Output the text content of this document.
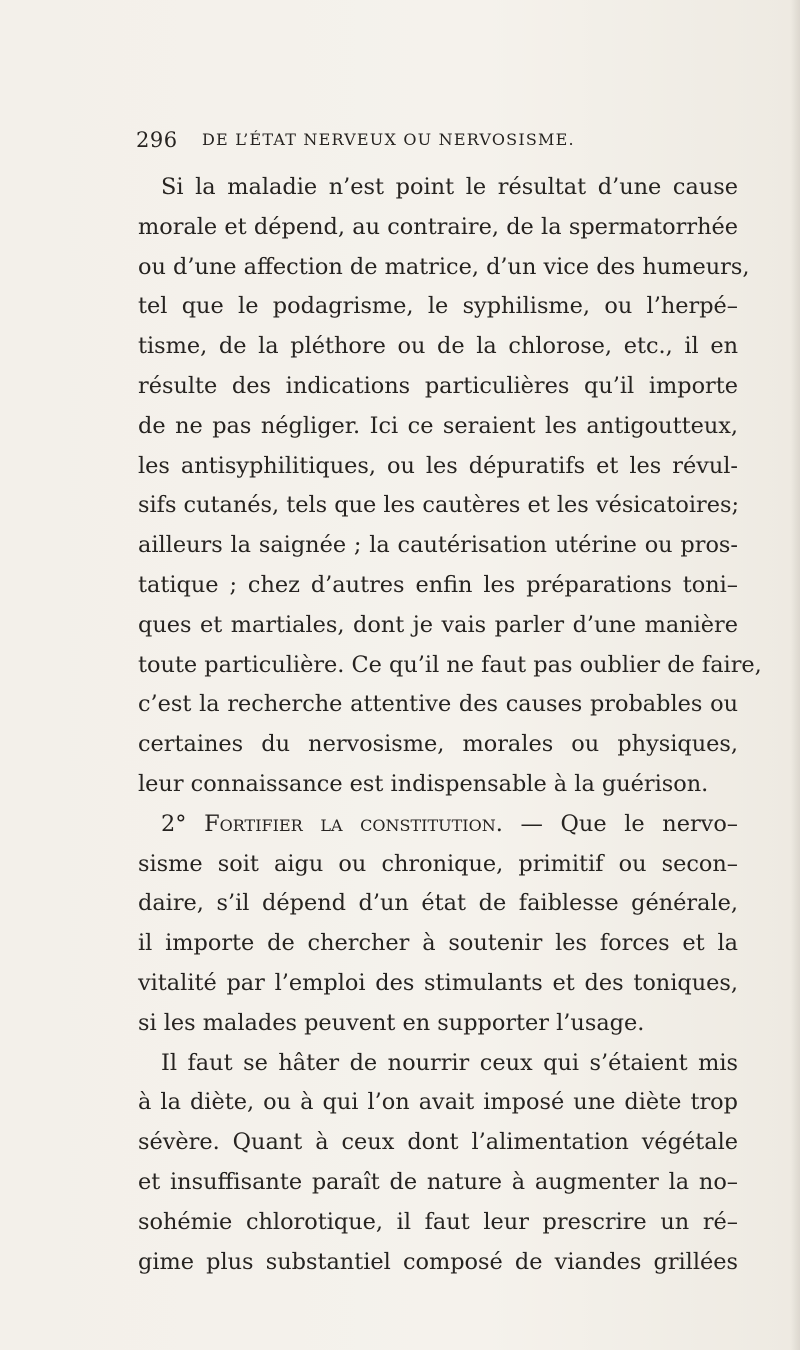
296 DE L’ÉTAT NERVEUX OU NERVOSISME.
Si la maladie n’est point le résultat d’une cause
morale et dépend, au contraire, de la spermatorrhée
ou d’une affection de matrice, d’un vice des humeurs,
tel que le podagrisme, le syphilisme, ou l’herpé–
tisme, de la pléthore ou de la chlorose, etc., il en
résulte des indications particulières qu’il importe
de ne pas négliger. Ici ce seraient les antigoutteux,
les antisyphilitiques, ou les dépuratifs et les révul-
sifs cutanés, tels que les cautères et les vésicatoires;
ailleurs la saignée ; la cautérisation utérine ou pros-
tatique ; chez d’autres enfin les préparations toni–
ques et martiales, dont je vais parler d’une manière
toute particulière. Ce qu’il ne faut pas oublier de faire,
c’est la recherche attentive des causes probables ou
certaines du nervosisme, morales ou physiques,
leur connaissance est indispensable à la guérison.
2° Fortifier la constitution. — Que le nervo–
sisme soit aigu ou chronique, primitif ou secon–
daire, s’il dépend d’un état de faiblesse générale,
il importe de chercher à soutenir les forces et la
vitalité par l’emploi des stimulants et des toniques,
si les malades peuvent en supporter l’usage.
Il faut se hâter de nourrir ceux qui s’étaient mis
à la diète, ou à qui l’on avait imposé une diète trop
sévère. Quant à ceux dont l’alimentation végétale
et insuffisante paraît de nature à augmenter la no–
sohémie chlorotique, il faut leur prescrire un ré–
gime plus substantiel composé de viandes grillées
